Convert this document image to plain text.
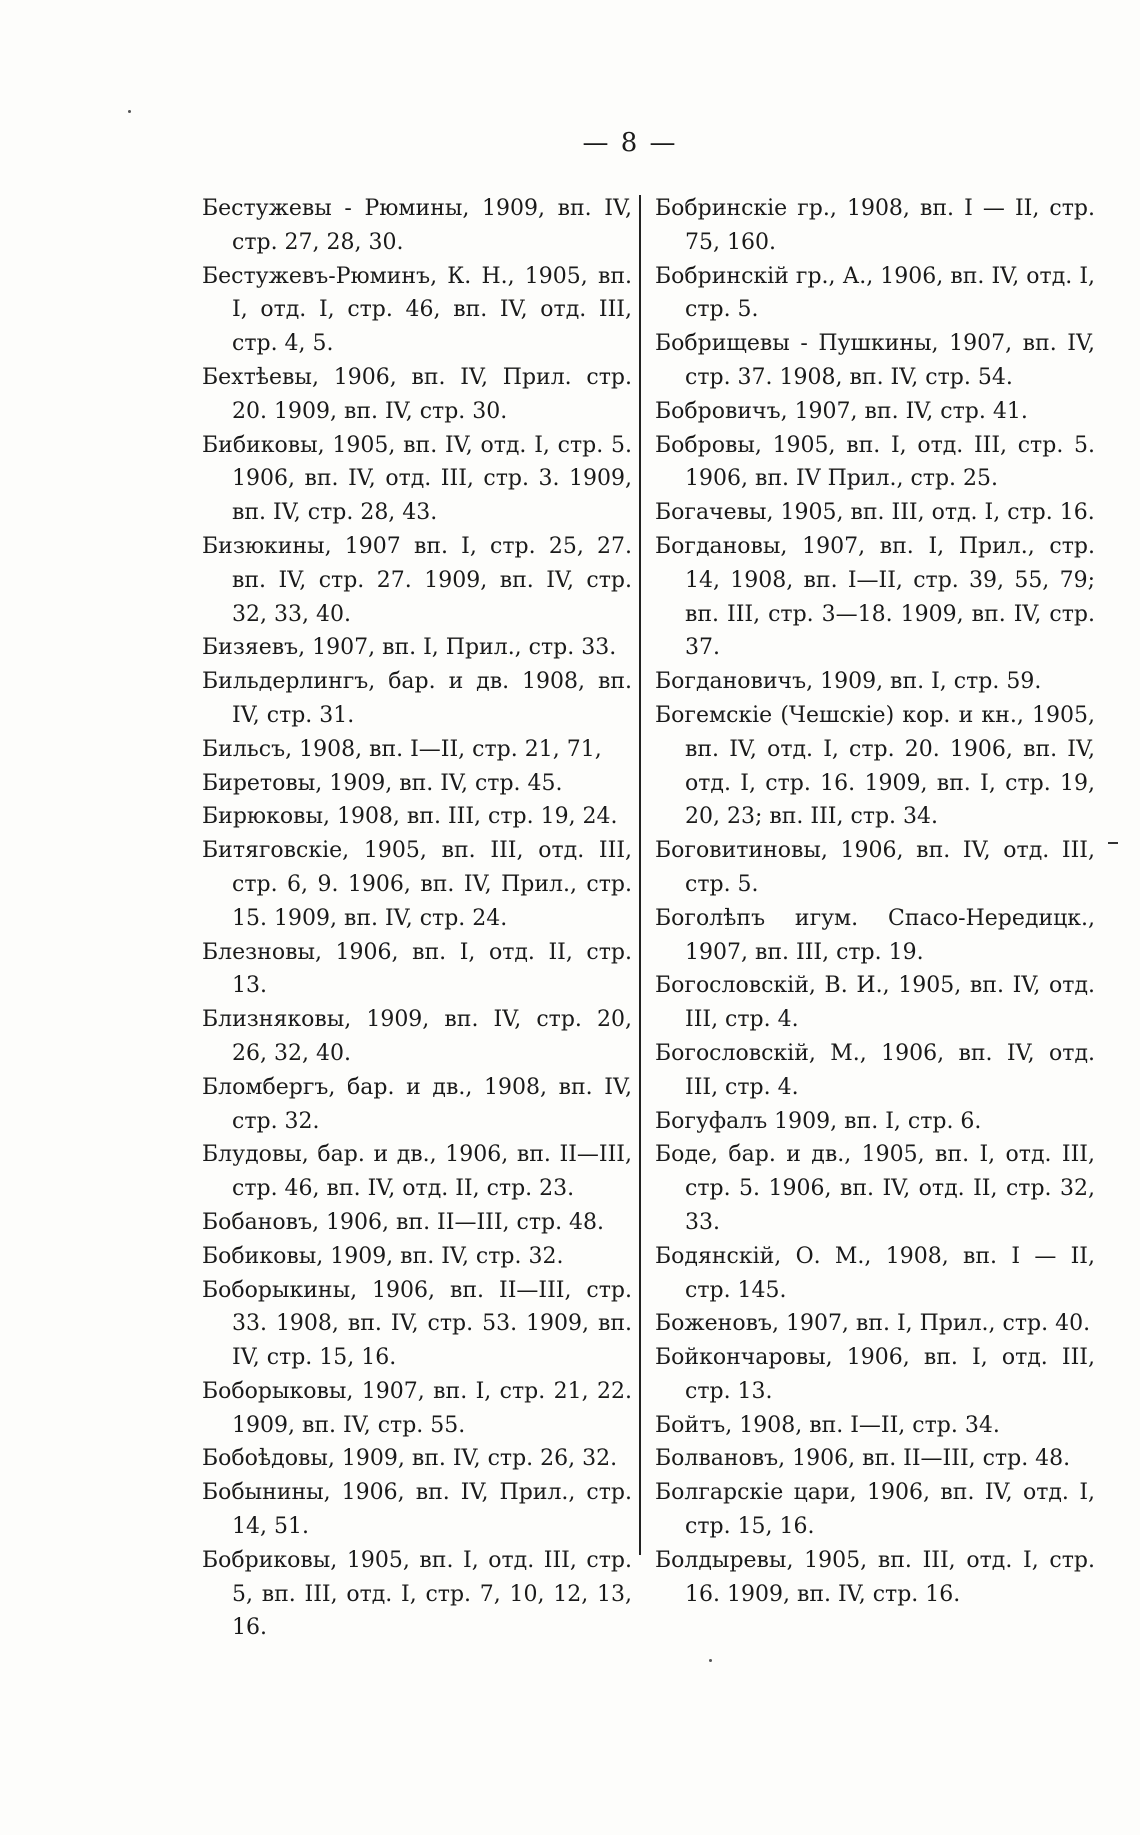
— 8 —

Бестужевы - Рюмины, 1909, вп. IV, стр. 27, 28, 30.

Бестужевъ-Рюминъ, К. Н., 1905, вп. I, отд. I, стр. 46, вп. IV, отд. III, стр. 4, 5.

Бехтѣевы, 1906, вп. IV, Прил. стр. 20. 1909, вп. IV, стр. 30.

Бибиковы, 1905, вп. IV, отд. I, стр. 5. 1906, вп. IV, отд. III, стр. 3. 1909, вп. IV, стр. 28, 43.

Бизюкины, 1907 вп. I, стр. 25, 27. вп. IV, стр. 27. 1909, вп. IV, стр. 32, 33, 40.

Бизяевъ, 1907, вп. I, Прил., стр. 33.

Бильдерлингъ, бар. и дв. 1908, вп. IV, стр. 31.

Бильсъ, 1908, вп. I—II, стр. 21, 71,

Биретовы, 1909, вп. IV, стр. 45.

Бирюковы, 1908, вп. III, стр. 19, 24.

Битяговскіе, 1905, вп. III, отд. III, стр. 6, 9. 1906, вп. IV, Прил., стр. 15. 1909, вп. IV, стр. 24.

Блезновы, 1906, вп. I, отд. II, стр. 13.

Близняковы, 1909, вп. IV, стр. 20, 26, 32, 40.

Бломбергъ, бар. и дв., 1908, вп. IV, стр. 32.

Блудовы, бар. и дв., 1906, вп. II—III, стр. 46, вп. IV, отд. II, стр. 23.

Бобановъ, 1906, вп. II—III, стр. 48.

Бобиковы, 1909, вп. IV, стр. 32.

Боборыкины, 1906, вп. II—III, стр. 33. 1908, вп. IV, стр. 53. 1909, вп. IV, стр. 15, 16.

Боборыковы, 1907, вп. I, стр. 21, 22. 1909, вп. IV, стр. 55.

Бобоѣдовы, 1909, вп. IV, стр. 26, 32.

Бобынины, 1906, вп. IV, Прил., стр. 14, 51.

Бобриковы, 1905, вп. I, отд. III, стр. 5, вп. III, отд. I, стр. 7, 10, 12, 13, 16.

Бобринскіе гр., 1908, вп. I — II, стр. 75, 160.

Бобринскій гр., А., 1906, вп. IV, отд. I, стр. 5.

Бобрищевы - Пушкины, 1907, вп. IV, стр. 37. 1908, вп. IV, стр. 54.

Бобровичъ, 1907, вп. IV, стр. 41.

Бобровы, 1905, вп. I, отд. III, стр. 5. 1906, вп. IV Прил., стр. 25.

Богачевы, 1905, вп. III, отд. I, стр. 16.

Богдановы, 1907, вп. I, Прил., стр. 14, 1908, вп. I—II, стр. 39, 55, 79; вп. III, стр. 3—18. 1909, вп. IV, стр. 37.

Богдановичъ, 1909, вп. I, стр. 59.

Богемскіе (Чешскіе) кор. и кн., 1905, вп. IV, отд. I, стр. 20. 1906, вп. IV, отд. I, стр. 16. 1909, вп. I, стр. 19, 20, 23; вп. III, стр. 34.

Боговитиновы, 1906, вп. IV, отд. III, стр. 5.

Боголѣпъ игум. Спасо-Нередицк., 1907, вп. III, стр. 19.

Богословскій, В. И., 1905, вп. IV, отд. III, стр. 4.

Богословскій, М., 1906, вп. IV, отд. III, стр. 4.

Богуфалъ 1909, вп. I, стр. 6.

Боде, бар. и дв., 1905, вп. I, отд. III, стр. 5. 1906, вп. IV, отд. II, стр. 32, 33.

Бодянскій, О. М., 1908, вп. I — II, стр. 145.

Боженовъ, 1907, вп. I, Прил., стр. 40.

Бойкончаровы, 1906, вп. I, отд. III, стр. 13.

Бойтъ, 1908, вп. I—II, стр. 34.

Болвановъ, 1906, вп. II—III, стр. 48.

Болгарскіе цари, 1906, вп. IV, отд. I, стр. 15, 16.

Болдыревы, 1905, вп. III, отд. I, стр. 16. 1909, вп. IV, стр. 16.
